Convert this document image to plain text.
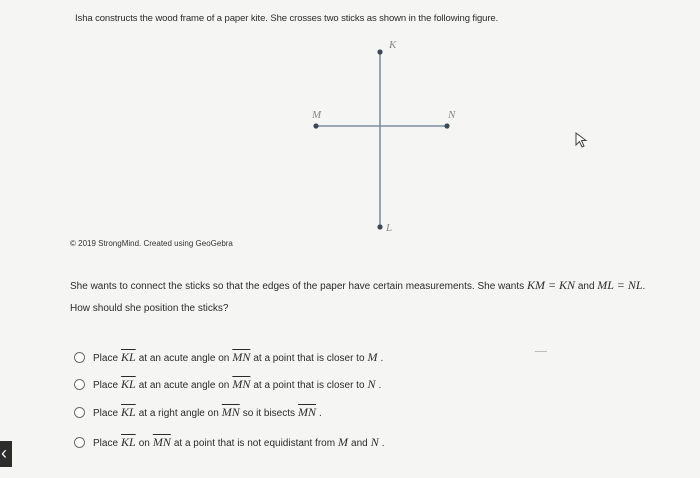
Isha constructs the wood frame of a paper kite. She crosses two sticks as shown in the following figure.
K
M	N
L
© 2019 StrongMind. Created using GeoGebra
She wants to connect the sticks so that the edges of the paper have certain measurements. She wants KM = KN and ML = NL.
How should she position the sticks?
Place $\overline{KL}$ at an acute angle on $\overline{MN}$ at a point that is closer to M .
Place $\overline{KL}$ at an acute angle on $\overline{MN}$ at a point that is closer to N .
Place $\overline{KL}$ at a right angle on $\overline{MN}$ so it bisects $\overline{MN}$ .
Place $\overline{KL}$ on $\overline{MN}$ at a point that is not equidistant from M and N .
‹
